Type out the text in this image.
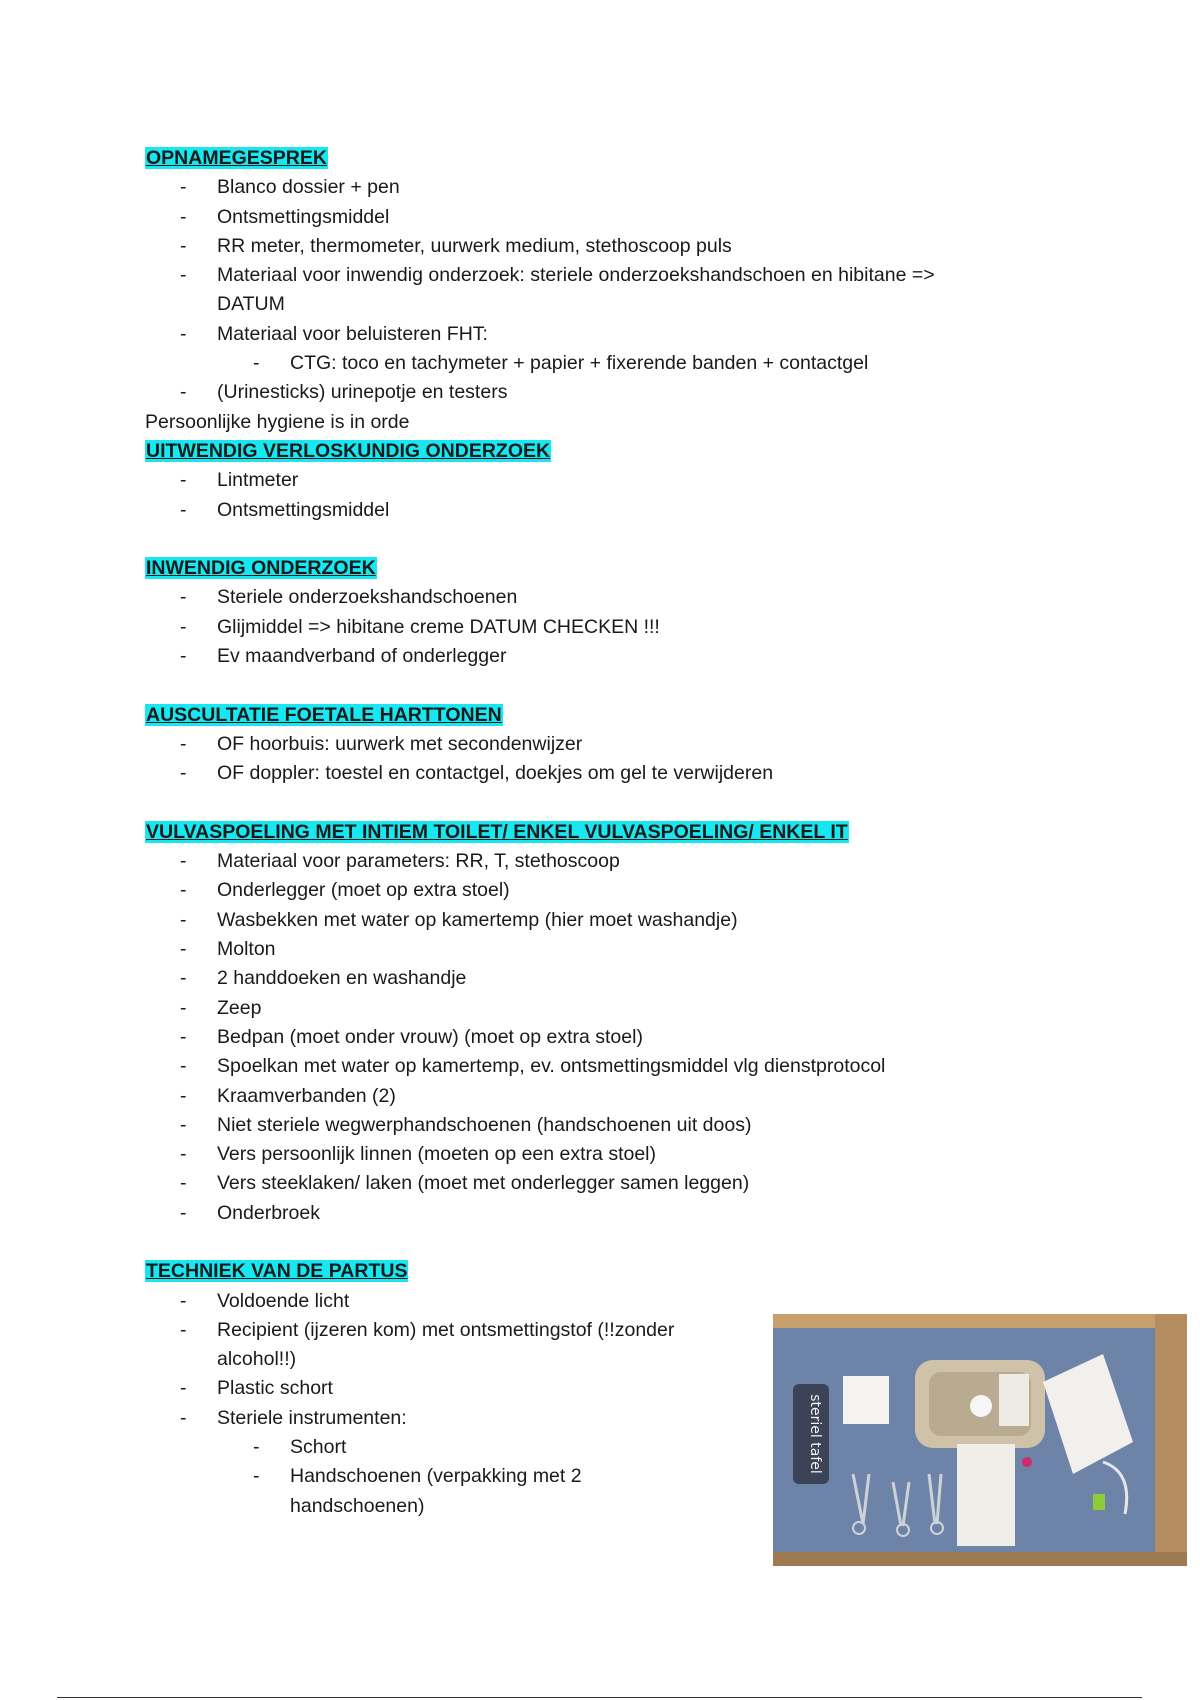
OPNAMEGESPREK
-	Blanco dossier + pen
-	Ontsmettingsmiddel
-	RR meter, thermometer, uurwerk medium, stethoscoop puls
-	Materiaal voor inwendig onderzoek: steriele onderzoekshandschoen en hibitane =>
DATUM
-	Materiaal voor beluisteren FHT:
-	CTG: toco en tachymeter + papier + fixerende banden + contactgel
-	(Urinesticks) urinepotje en testers
Persoonlijke hygiene is in orde
UITWENDIG VERLOSKUNDIG ONDERZOEK
-	Lintmeter
-	Ontsmettingsmiddel
INWENDIG ONDERZOEK
-	Steriele onderzoekshandschoenen
-	Glijmiddel => hibitane creme DATUM CHECKEN !!!
-	Ev maandverband of onderlegger
AUSCULTATIE FOETALE HARTTONEN
-	OF hoorbuis: uurwerk met secondenwijzer
-	OF doppler: toestel en contactgel, doekjes om gel te verwijderen
VULVASPOELING MET INTIEM TOILET/ ENKEL VULVASPOELING/ ENKEL IT
-	Materiaal voor parameters: RR, T, stethoscoop
-	Onderlegger (moet op extra stoel)
-	Wasbekken met water op kamertemp (hier moet washandje)
-	Molton
-	2 handdoeken en washandje
-	Zeep
-	Bedpan (moet onder vrouw) (moet op extra stoel)
-	Spoelkan met water op kamertemp, ev. ontsmettingsmiddel vlg dienstprotocol
-	Kraamverbanden (2)
-	Niet steriele wegwerphandschoenen (handschoenen uit doos)
-	Vers persoonlijk linnen (moeten op een extra stoel)
-	Vers steeklaken/ laken (moet met onderlegger samen leggen)
-	Onderbroek
TECHNIEK VAN DE PARTUS
-	Voldoende licht
-	Recipient (ijzeren kom) met ontsmettingstof (!!zonder
alcohol!!)
-	Plastic schort
-	Steriele instrumenten:
-	Schort
-	Handschoenen (verpakking met 2
handschoenen)
steriel tafel
